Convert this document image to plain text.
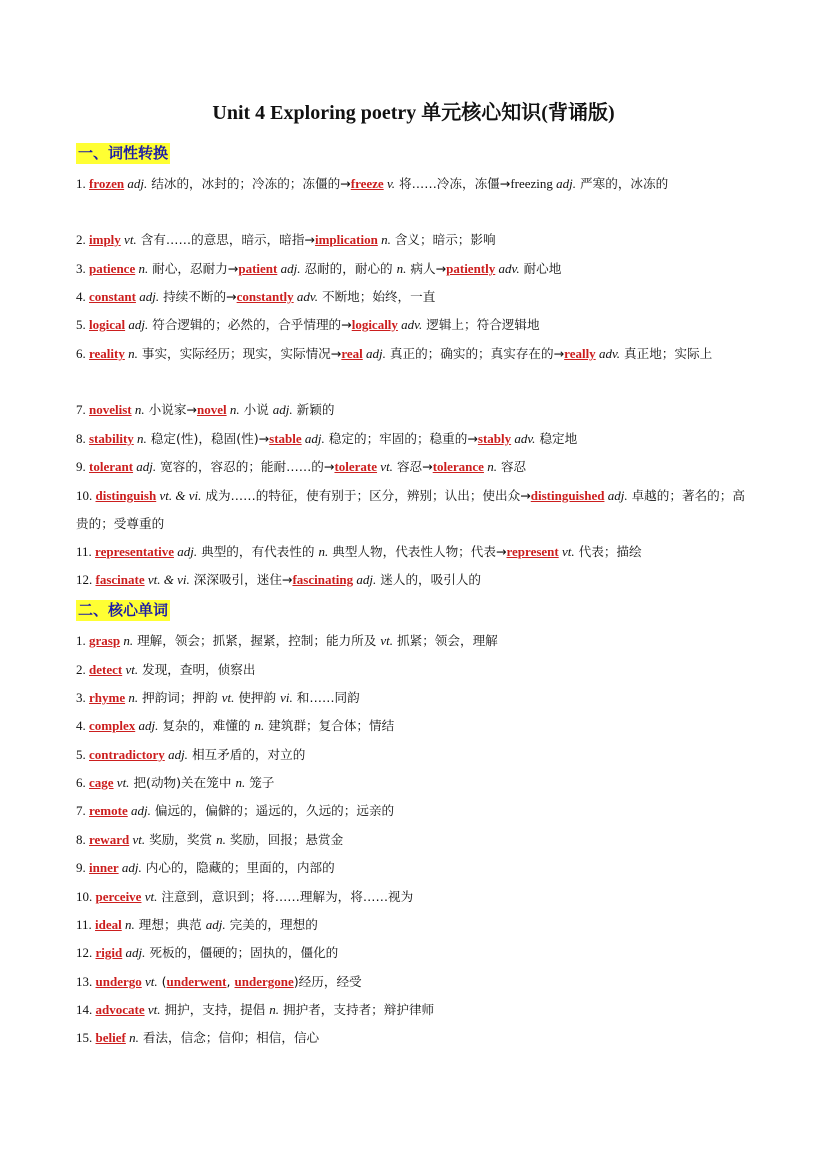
Unit 4 Exploring poetry 单元核心知识(背诵版)
一、词性转换
1. frozen adj. 结冰的，冰封的；冷冻的；冻僵的→freeze v. 将……冷冻，冻僵→freezing adj. 严寒的，冰冻的
2. imply vt. 含有……的意思，暗示，暗指→implication n. 含义；暗示；影响
3. patience n. 耐心，忍耐力→patient adj. 忍耐的，耐心的 n. 病人→patiently adv. 耐心地
4. constant adj. 持续不断的→constantly adv. 不断地；始终，一直
5. logical adj. 符合逻辑的；必然的，合乎情理的→logically adv. 逻辑上；符合逻辑地
6. reality n. 事实，实际经历；现实，实际情况→real adj. 真正的；确实的；真实存在的→really adv. 真正地；实际上
7. novelist n. 小说家→novel n. 小说 adj. 新颖的
8. stability n. 稳定(性)，稳固(性)→stable adj. 稳定的；牢固的；稳重的→stably adv. 稳定地
9. tolerant adj. 宽容的，容忍的；能耐……的→tolerate vt. 容忍→tolerance n. 容忍
10. distinguish vt. & vi. 成为……的特征，使有别于；区分，辨别；认出；使出众→distinguished adj. 卓越的；著名的；高贵的；受尊重的
11. representative adj. 典型的，有代表性的 n. 典型人物，代表性人物；代表→represent vt. 代表；描绘
12. fascinate vt. & vi. 深深吸引，迷住→fascinating adj. 迷人的，吸引人的
二、核心单词
1. grasp n. 理解，领会；抓紧，握紧，控制；能力所及 vt. 抓紧；领会，理解
2. detect vt. 发现，查明，侦察出
3. rhyme n. 押韵词；押韵 vt. 使押韵 vi. 和……同韵
4. complex adj. 复杂的，难懂的 n. 建筑群；复合体；情结
5. contradictory adj. 相互矛盾的，对立的
6. cage vt. 把(动物)关在笼中 n. 笼子
7. remote adj. 偏远的，偏僻的；遥远的，久远的；远亲的
8. reward vt. 奖励，奖赏 n. 奖励，回报；悬赏金
9. inner adj. 内心的，隐藏的；里面的，内部的
10. perceive vt. 注意到，意识到；将……理解为，将……视为
11. ideal n. 理想；典范 adj. 完美的，理想的
12. rigid adj. 死板的，僵硬的；固执的，僵化的
13. undergo vt. (underwent, undergone)经历，经受
14. advocate vt. 拥护，支持，提倡 n. 拥护者，支持者；辩护律师
15. belief n. 看法，信念；信仰；相信，信心
